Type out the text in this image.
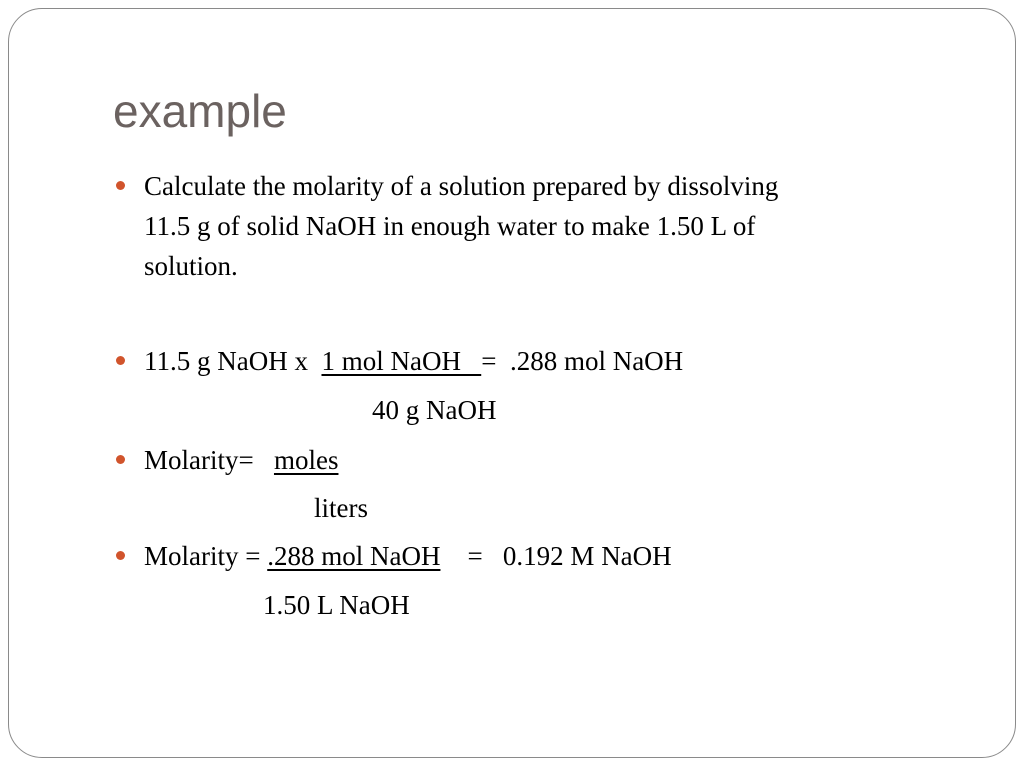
example
Calculate the molarity of a solution prepared by dissolving
11.5 g of solid NaOH in enough water to make 1.50 L of
solution.
11.5 g NaOH x  1 mol NaOH   =  .288 mol NaOH
40 g NaOH
Molarity=   moles
liters
Molarity = .288 mol NaOH    =   0.192 M NaOH
1.50 L NaOH
